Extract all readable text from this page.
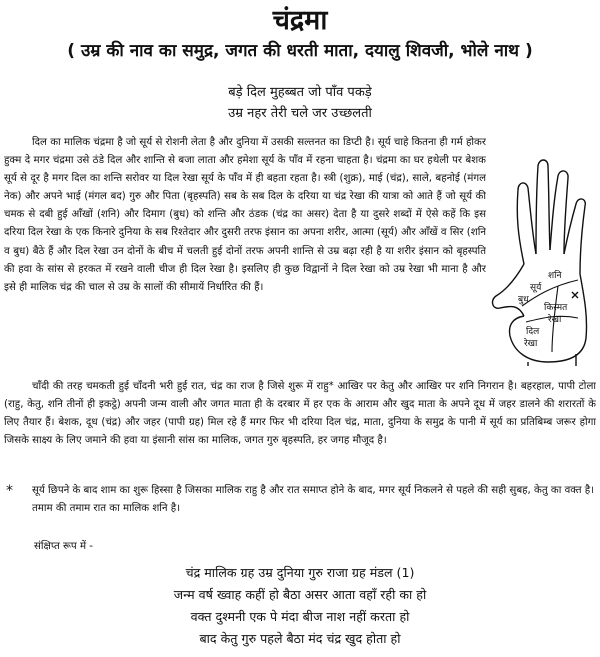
चंद्रमा
( उम्र की नाव का समुद्र, जगत की धरती माता, दयालु शिवजी, भोले नाथ )
बड़े दिल मुहब्बत जो पाँव पकड़े
उम्र नहर तेरी चले जर उच्छलती

दिल का मालिक चंद्रमा है जो सूर्य से रोशनी लेता है और दुनिया में उसकी सल्तनत का डिप्टी है। सूर्य चाहे कितना ही गर्म होकर हुक्म दे मगर चंद्रमा उसे ठंडे दिल और शान्ति से बजा लाता और हमेशा सूर्य के पाँव में रहना चाहता है। चंद्रमा का घर हथेली पर बेशक सूर्य से दूर है मगर दिल का शन्ति सरोवर या दिल रेखा सूर्य के पाँव में ही बहता रहता है। स्त्री (शुक्र), माई (चंद्र), साले, बहनोई (मंगल नेक) और अपने भाई (मंगल बद) गुरु और पिता (बृहस्पति) सब के सब दिल के दरिया या चंद्र रेखा की यात्रा को आते हैं जो सूर्य की चमक से दबी हुई आँखों (शनि) और दिमाग (बुध) को शन्ति और ठंडक (चंद्र का असर) देता है या दुसरे शब्दों में ऐसे कहें कि इस दरिया दिल रेखा के एक किनारे दुनिया के सब रिश्तेदार और दुसरी तरफ इंसान का अपना शरीर, आत्मा (सूर्य) और आँखें व सिर (शनि व बुध) बैठे हैं और दिल रेखा उन दोनों के बीच में चलती हुई दोनों तरफ अपनी शान्ति से उम्र बढ़ा रही है या शरीर इंसान को बृहस्पति की हवा के सांस से हरकत में रखने वाली चीज ही दिल रेखा है। इसलिए ही कुछ विद्वानों ने दिल रेखा को उम्र रेखा भी माना है और इसे ही मालिक चंद्र की चाल से उम्र के सालों की सीमायें निर्धारित की हैं।

शनि
सूर्य
बुध
किस्मत
रेखा
दिल
रेखा

चाँदी की तरह चमकती हुई चाँदनी भरी हुई रात, चंद्र का राज है जिसे शुरू में राहु* आखिर पर केतु और आखिर पर शनि निगरान है। बहरहाल, पापी टोला (राहु, केतु, शनि तीनों ही इकट्ठे) अपनी जन्म वाली और जगत माता ही के दरबार में हर एक के आराम और खुद माता के अपने दूध में जहर डालने की शरारतों के लिए तैयार हैं। बेशक, दूध (चंद्र) और जहर (पापी ग्रह) मिल रहे हैं मगर फिर भी दरिया दिल चंद्र, माता, दुनिया के समुद्र के पानी में सूर्य का प्रतिबिम्ब जरूर होगा जिसके साक्ष्य के लिए जमाने की हवा या इंसानी सांस का मालिक, जगत गुरु बृहस्पति, हर जगह मौजूद है।

* सूर्य छिपने के बाद शाम का शुरू हिस्सा है जिसका मालिक राहु है और रात समाप्त होने के बाद, मगर सूर्य निकलने से पहले की सही सुबह, केतु का वक्त है। तमाम की तमाम रात का मालिक शनि है।
संक्षिप्त रूप में -
चंद्र मालिक ग्रह उम्र दुनिया गुरु राजा ग्रह मंडल (1)
जन्म वर्ष ख्वाह कहीं हो बैठा असर आता वहाँ रही का हो
वक्त दुश्मनी एक पे मंदा बीज नाश नहीं करता हो
बाद केतु गुरु पहले बैठा मंद चंद्र खुद होता हो
